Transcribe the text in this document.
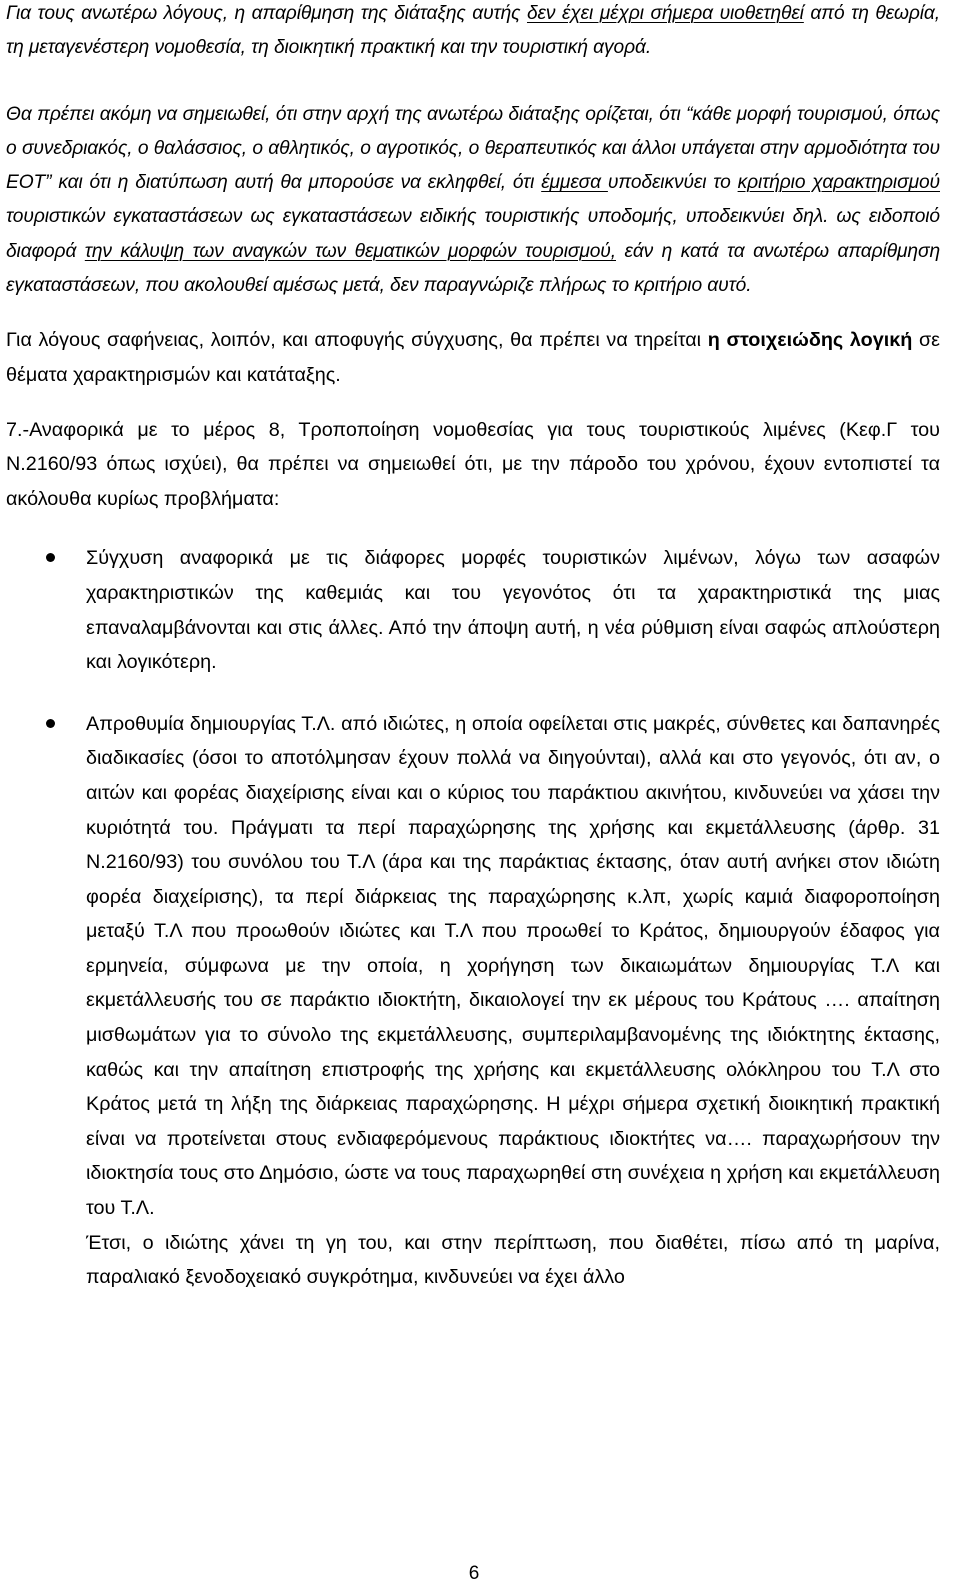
Για τους ανωτέρω λόγους, η απαρίθμηση της διάταξης αυτής δεν έχει μέχρι σήμερα υιοθετηθεί από τη θεωρία, τη μεταγενέστερη νομοθεσία, τη διοικητική πρακτική και την τουριστική αγορά.

Θα πρέπει ακόμη να σημειωθεί, ότι στην αρχή της ανωτέρω διάταξης ορίζεται, ότι “κάθε μορφή τουρισμού, όπως ο συνεδριακός, ο θαλάσσιος, ο αθλητικός, ο αγροτικός, ο θεραπευτικός και άλλοι υπάγεται στην αρμοδιότητα του ΕΟΤ” και ότι η διατύπωση αυτή θα μπορούσε να εκληφθεί, ότι έμμεσα υποδεικνύει το κριτήριο χαρακτηρισμού τουριστικών εγκαταστάσεων ως εγκαταστάσεων ειδικής τουριστικής υποδομής, υποδεικνύει δηλ. ως ειδοποιό διαφορά την κάλυψη των αναγκών των θεματικών μορφών τουρισμού, εάν η κατά τα ανωτέρω απαρίθμηση εγκαταστάσεων, που ακολουθεί αμέσως μετά, δεν παραγνώριζε πλήρως το κριτήριο αυτό.

Για λόγους σαφήνειας, λοιπόν, και αποφυγής σύγχυσης, θα πρέπει να τηρείται η στοιχειώδης λογική σε θέματα χαρακτηρισμών και κατάταξης.

7.-Αναφορικά με το μέρος 8, Τροποποίηση νομοθεσίας για τους τουριστικούς λιμένες (Κεφ.Γ του Ν.2160/93 όπως ισχύει), θα πρέπει να σημειωθεί ότι, με την πάροδο του χρόνου, έχουν εντοπιστεί τα ακόλουθα κυρίως προβλήματα:

Σύγχυση αναφορικά με τις διάφορες μορφές τουριστικών λιμένων, λόγω των ασαφών χαρακτηριστικών της καθεμιάς και του γεγονότος ότι τα χαρακτηριστικά της μιας επαναλαμβάνονται και στις άλλες. Από την άποψη αυτή, η νέα ρύθμιση είναι σαφώς απλούστερη και λογικότερη.
Απροθυμία δημιουργίας Τ.Λ. από ιδιώτες, η οποία οφείλεται στις μακρές, σύνθετες και δαπανηρές διαδικασίες (όσοι το αποτόλμησαν έχουν πολλά να διηγούνται), αλλά και στο γεγονός, ότι αν, ο αιτών και φορέας διαχείρισης είναι και ο κύριος του παράκτιου ακινήτου, κινδυνεύει να χάσει την κυριότητά του. Πράγματι τα περί παραχώρησης της χρήσης και εκμετάλλευσης (άρθρ. 31 Ν.2160/93) του συνόλου του Τ.Λ (άρα και της παράκτιας έκτασης, όταν αυτή ανήκει στον ιδιώτη φορέα διαχείρισης), τα περί διάρκειας της παραχώρησης κ.λπ, χωρίς καμιά διαφοροποίηση μεταξύ Τ.Λ που προωθούν ιδιώτες και Τ.Λ που προωθεί το Κράτος, δημιουργούν έδαφος για ερμηνεία, σύμφωνα με την οποία, η χορήγηση των δικαιωμάτων δημιουργίας Τ.Λ και εκμετάλλευσής του σε παράκτιο ιδιοκτήτη, δικαιολογεί την εκ μέρους του Κράτους …. απαίτηση μισθωμάτων για το σύνολο της εκμετάλλευσης, συμπεριλαμβανομένης της ιδιόκτητης έκτασης, καθώς και την απαίτηση επιστροφής της χρήσης και εκμετάλλευσης ολόκληρου του Τ.Λ στο Κράτος μετά τη λήξη της διάρκειας παραχώρησης. Η μέχρι σήμερα σχετική διοικητική πρακτική είναι να προτείνεται στους ενδιαφερόμενους παράκτιους ιδιοκτήτες να…. παραχωρήσουν την ιδιοκτησία τους στο Δημόσιο, ώστε να τους παραχωρηθεί στη συνέχεια η χρήση και εκμετάλλευση του Τ.Λ.

Έτσι, ο ιδιώτης χάνει τη γη του, και στην περίπτωση, που διαθέτει, πίσω από τη μαρίνα, παραλιακό ξενοδοχειακό συγκρότημα, κινδυνεύει να έχει άλλο

6
